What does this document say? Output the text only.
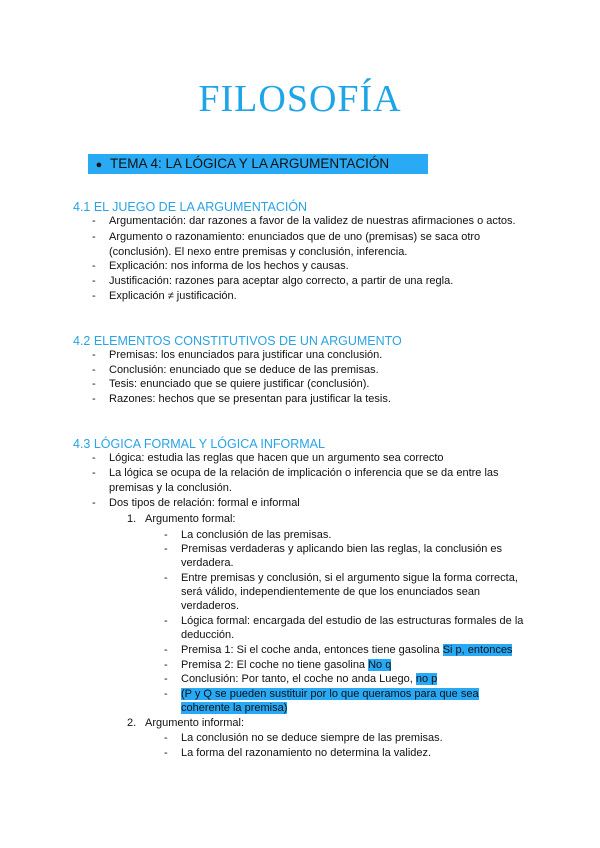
FILOSOFÍA
● TEMA 4: LA LÓGICA Y LA ARGUMENTACIÓN
4.1 EL JUEGO DE LA ARGUMENTACIÓN
-	Argumentación: dar razones a favor de la validez de nuestras afirmaciones o actos.
-	Argumento o razonamiento: enunciados que de uno (premisas) se saca otro
(conclusión). El nexo entre premisas y conclusión, inferencia.
-	Explicación: nos informa de los hechos y causas.
-	Justificación: razones para aceptar algo correcto, a partir de una regla.
-	Explicación ≠ justificación.
4.2 ELEMENTOS CONSTITUTIVOS DE UN ARGUMENTO
-	Premisas: los enunciados para justificar una conclusión.
-	Conclusión: enunciado que se deduce de las premisas.
-	Tesis: enunciado que se quiere justificar (conclusión).
-	Razones: hechos que se presentan para justificar la tesis.
4.3 LÓGICA FORMAL Y LÓGICA INFORMAL
-	Lógica: estudia las reglas que hacen que un argumento sea correcto
-	La lógica se ocupa de la relación de implicación o inferencia que se da entre las
premisas y la conclusión.
-	Dos tipos de relación: formal e informal
1. Argumento formal:
-	La conclusión de las premisas.
-	Premisas verdaderas y aplicando bien las reglas, la conclusión es
verdadera.
-	Entre premisas y conclusión, si el argumento sigue la forma correcta,
será válido, independientemente de que los enunciados sean
verdaderos.
-	Lógica formal: encargada del estudio de las estructuras formales de la
deducción.
-	Premisa 1: Si el coche anda, entonces tiene gasolina Si p, entonces
-	Premisa 2: El coche no tiene gasolina No q
-	Conclusión: Por tanto, el coche no anda Luego, no p
-	(P y Q se pueden sustituir por lo que queramos para que sea
coherente la premisa)
2. Argumento informal:
-	La conclusión no se deduce siempre de las premisas.
-	La forma del razonamiento no determina la validez.
